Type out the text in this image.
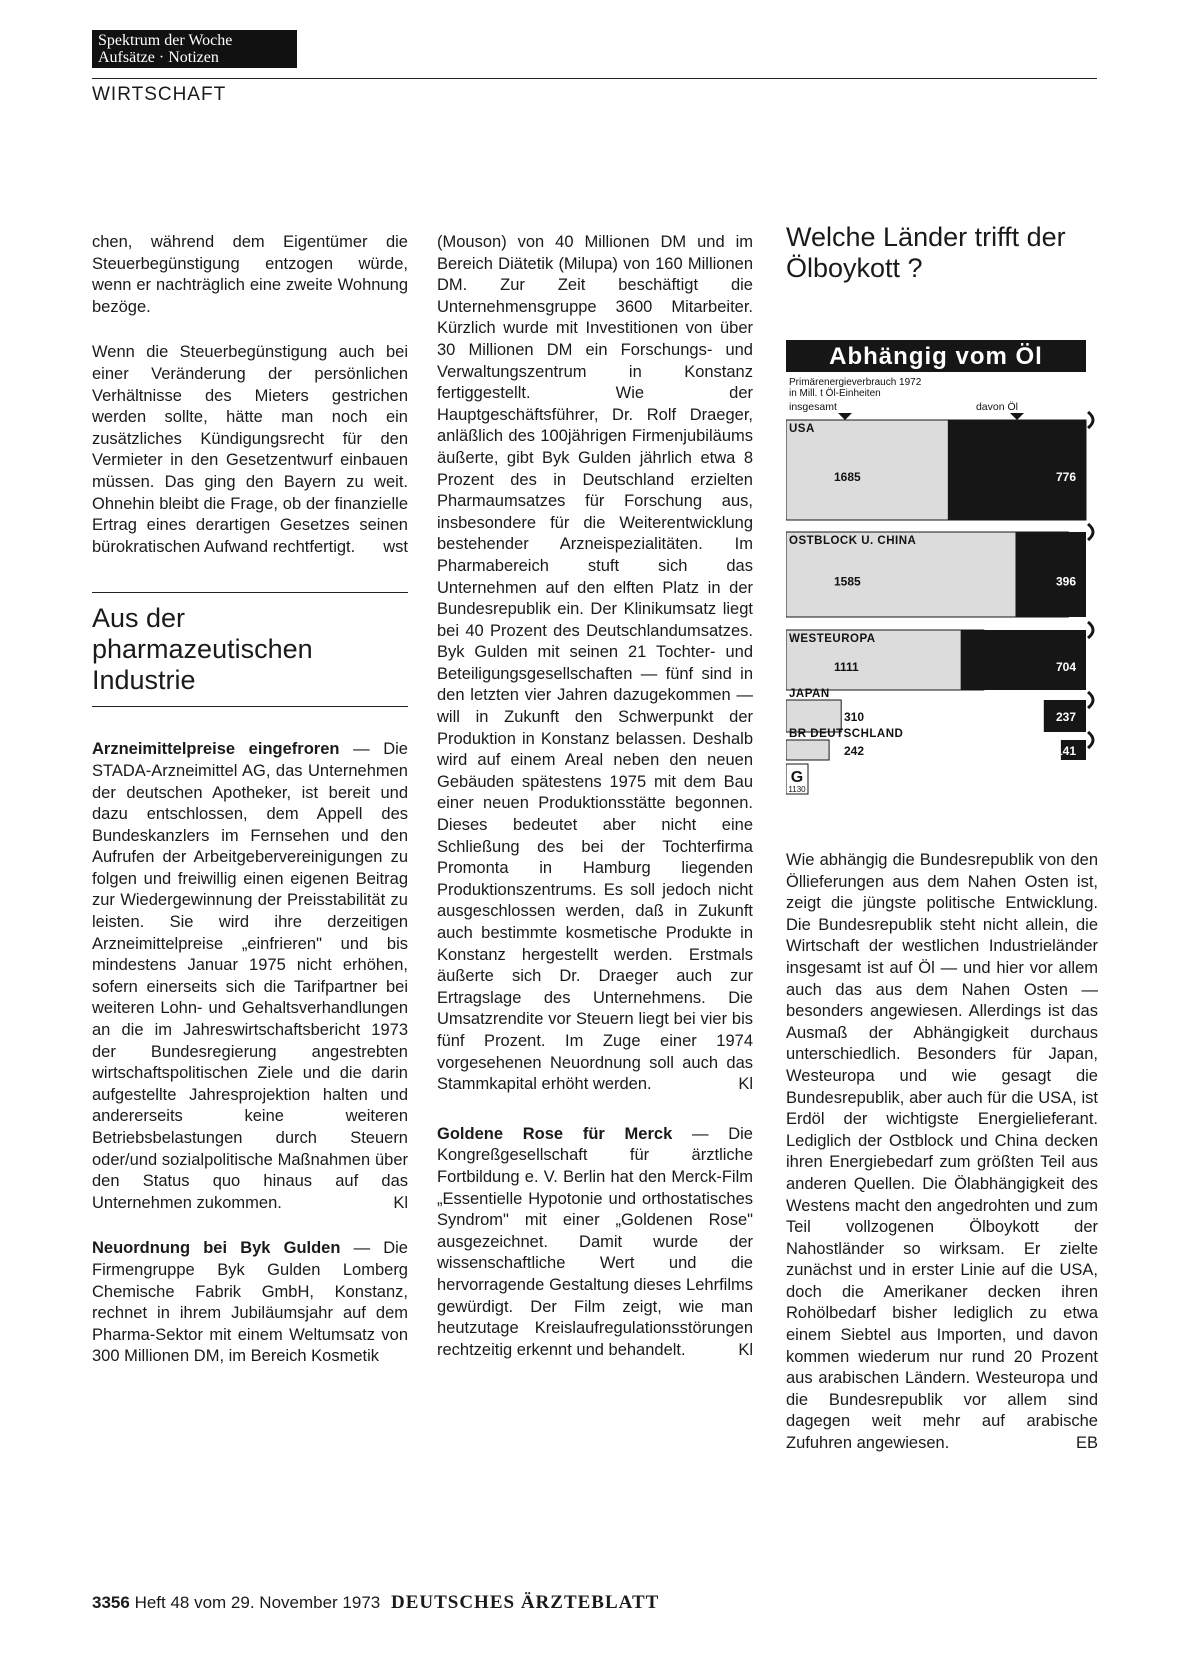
Spektrum der Woche
Aufsätze · Notizen
WIRTSCHAFT

chen, während dem Eigentümer die Steuerbegünstigung entzogen würde, wenn er nachträglich eine zweite Wohnung bezöge.

Wenn die Steuerbegünstigung auch bei einer Veränderung der persönlichen Verhältnisse des Mieters gestrichen werden sollte, hätte man noch ein zusätzliches Kündigungsrecht für den Vermieter in den Gesetzentwurf einbauen müssen. Das ging den Bayern zu weit. Ohnehin bleibt die Frage, ob der finanzielle Ertrag eines derartigen Gesetzes seinen bürokratischen Aufwand rechtfertigt. wst

Aus der pharmazeutischen Industrie

Arzneimittelpreise eingefroren — Die STADA-Arzneimittel AG, das Unternehmen der deutschen Apotheker, ist bereit und dazu entschlossen, dem Appell des Bundeskanzlers im Fernsehen und den Aufrufen der Arbeitgebervereinigungen zu folgen und freiwillig einen eigenen Beitrag zur Wiedergewinnung der Preisstabilität zu leisten. Sie wird ihre derzeitigen Arzneimittelpreise „einfrieren" und bis mindestens Januar 1975 nicht erhöhen, sofern einerseits sich die Tarifpartner bei weiteren Lohn- und Gehaltsverhandlungen an die im Jahreswirtschaftsbericht 1973 der Bundesregierung angestrebten wirtschaftspolitischen Ziele und die darin aufgestellte Jahresprojektion halten und andererseits keine weiteren Betriebsbelastungen durch Steuern oder/und sozialpolitische Maßnahmen über den Status quo hinaus auf das Unternehmen zukommen.	Kl

Neuordnung bei Byk Gulden — Die Firmengruppe Byk Gulden Lomberg Chemische Fabrik GmbH, Konstanz, rechnet in ihrem Jubiläumsjahr auf dem Pharma-Sektor mit einem Weltumsatz von 300 Millionen DM, im Bereich Kosmetik

(Mouson) von 40 Millionen DM und im Bereich Diätetik (Milupa) von 160 Millionen DM. Zur Zeit beschäftigt die Unternehmensgruppe 3600 Mitarbeiter. Kürzlich wurde mit Investitionen von über 30 Millionen DM ein Forschungs- und Verwaltungszentrum in Konstanz fertiggestellt. Wie der Hauptgeschäftsführer, Dr. Rolf Draeger, anläßlich des 100jährigen Firmenjubiläums äußerte, gibt Byk Gulden jährlich etwa 8 Prozent des in Deutschland erzielten Pharmaumsatzes für Forschung aus, insbesondere für die Weiterentwicklung bestehender Arzneispezialitäten. Im Pharmabereich stuft sich das Unternehmen auf den elften Platz in der Bundesrepublik ein. Der Klinikumsatz liegt bei 40 Prozent des Deutschlandumsatzes. Byk Gulden mit seinen 21 Tochter- und Beteiligungsgesellschaften — fünf sind in den letzten vier Jahren dazugekommen — will in Zukunft den Schwerpunkt der Produktion in Konstanz belassen. Deshalb wird auf einem Areal neben den neuen Gebäuden spätestens 1975 mit dem Bau einer neuen Produktionsstätte begonnen. Dieses bedeutet aber nicht eine Schließung des bei der Tochterfirma Promonta in Hamburg liegenden Produktionszentrums. Es soll jedoch nicht ausgeschlossen werden, daß in Zukunft auch bestimmte kosmetische Produkte in Konstanz hergestellt werden. Erstmals äußerte sich Dr. Draeger auch zur Ertragslage des Unternehmens. Die Umsatzrendite vor Steuern liegt bei vier bis fünf Prozent. Im Zuge einer 1974 vorgesehenen Neuordnung soll auch das Stammkapital erhöht werden.	Kl

Goldene Rose für Merck — Die Kongreßgesellschaft für ärztliche Fortbildung e. V. Berlin hat den Merck-Film „Essentielle Hypotonie und orthostatisches Syndrom" mit einer „Goldenen Rose" ausgezeichnet. Damit wurde der wissenschaftliche Wert und die hervorragende Gestaltung dieses Lehrfilms gewürdigt. Der Film zeigt, wie man heutzutage Kreislaufregulationsstörungen rechtzeitig erkennt und behandelt.	Kl

Welche Länder trifft der Ölboykott ?
Abhängig vom Öl
Primärenergieverbrauch 1972
in Mill. t Öl-Einheiten
insgesamt	davon Öl
USA
1685	776
OSTBLOCK U. CHINA
1585	396
WESTEUROPA
1111	704
JAPAN
310	237
BR DEUTSCHLAND
242	141
G
1130

Wie abhängig die Bundesrepublik von den Öllieferungen aus dem Nahen Osten ist, zeigt die jüngste politische Entwicklung. Die Bundesrepublik steht nicht allein, die Wirtschaft der westlichen Industrieländer insgesamt ist auf Öl — und hier vor allem auch das aus dem Nahen Osten — besonders angewiesen. Allerdings ist das Ausmaß der Abhängigkeit durchaus unterschiedlich. Besonders für Japan, Westeuropa und wie gesagt die Bundesrepublik, aber auch für die USA, ist Erdöl der wichtigste Energielieferant. Lediglich der Ostblock und China decken ihren Energiebedarf zum größten Teil aus anderen Quellen. Die Ölabhängigkeit des Westens macht den angedrohten und zum Teil vollzogenen Ölboykott der Nahostländer so wirksam. Er zielte zunächst und in erster Linie auf die USA, doch die Amerikaner decken ihren Rohölbedarf bisher lediglich zu etwa einem Siebtel aus Importen, und davon kommen wiederum nur rund 20 Prozent aus arabischen Ländern. Westeuropa und die Bundesrepublik vor allem sind dagegen weit mehr auf arabische Zufuhren angewiesen.	EB

3356 Heft 48 vom 29. November 1973 DEUTSCHES ÄRZTEBLATT
